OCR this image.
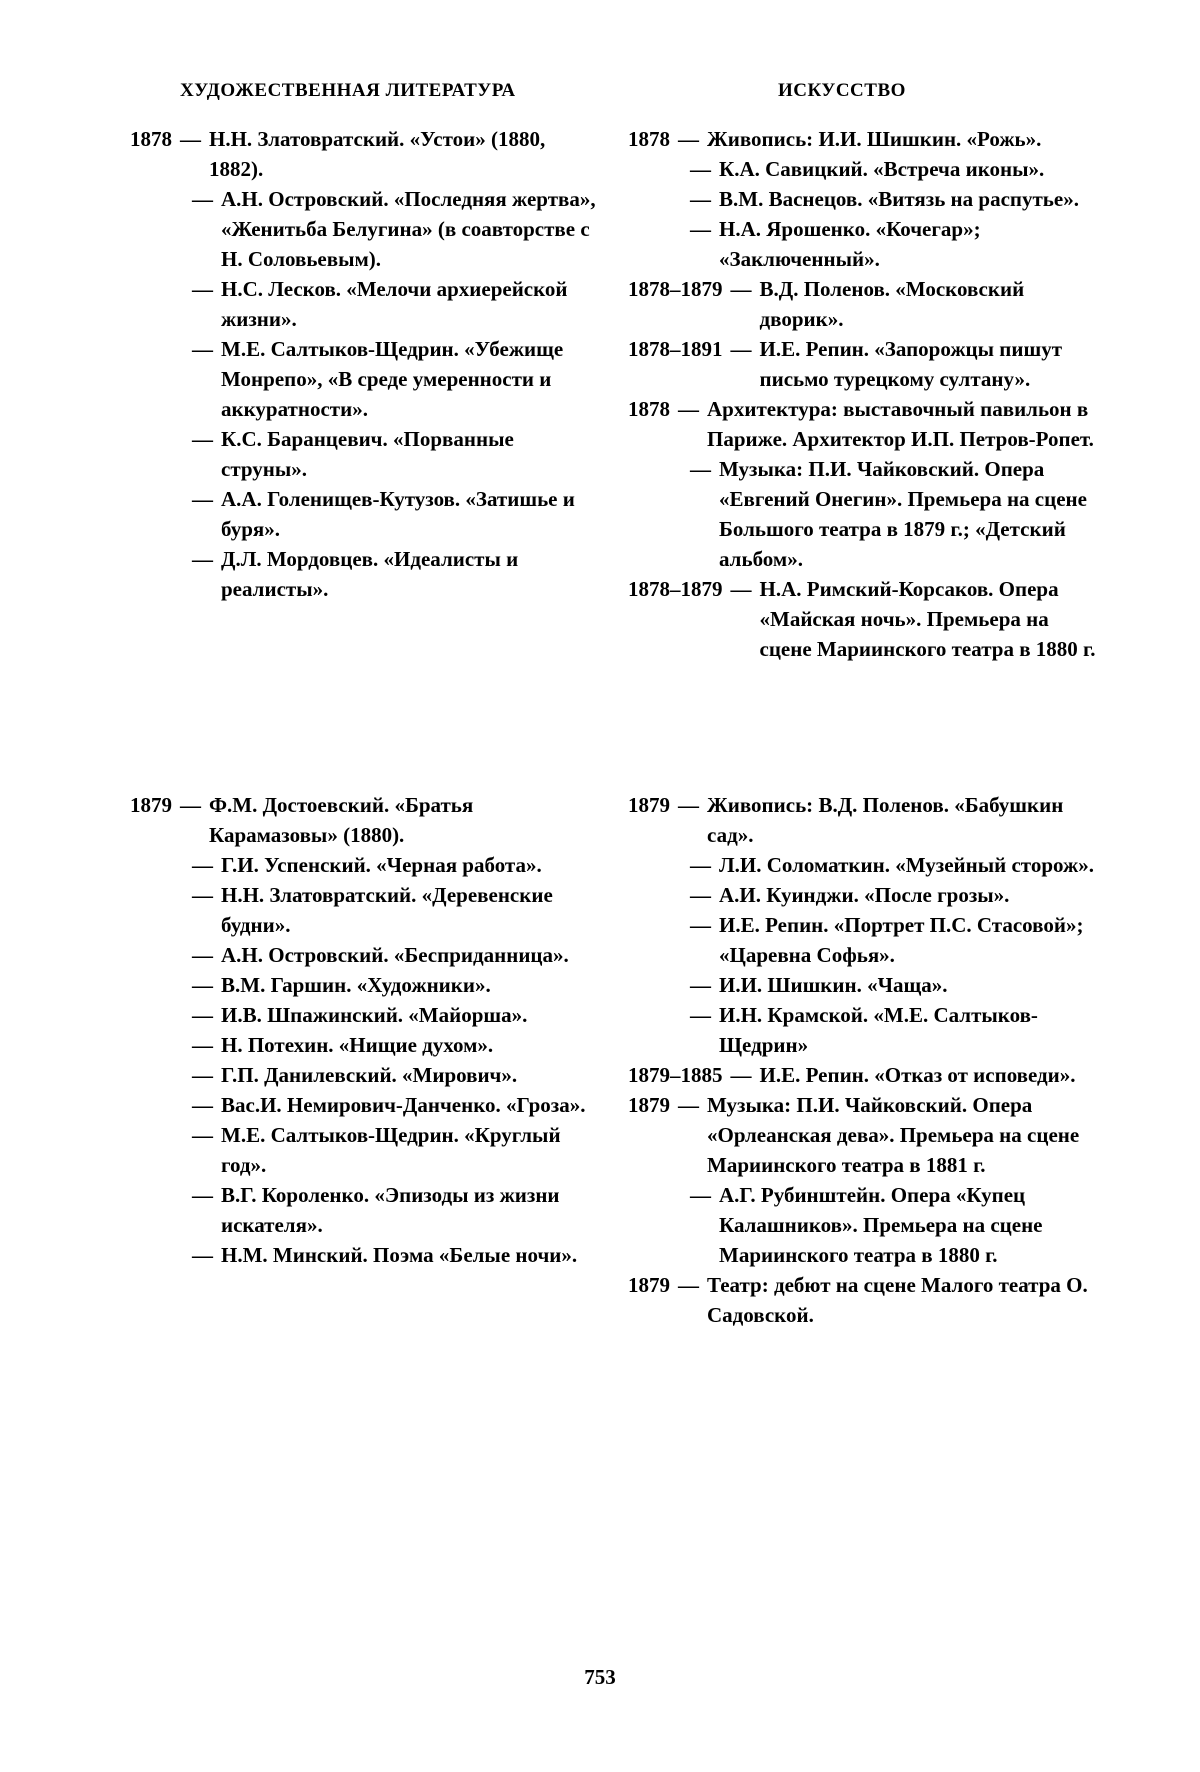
ХУДОЖЕСТВЕННАЯ ЛИТЕРАТУРА	ИСКУССТВО
1878 — Н.Н. Златовратский. «Устои» (1880, 1882).
— А.Н. Островский. «Последняя жертва», «Женитьба Белугина» (в соавторстве с Н. Соловьевым).
— Н.С. Лесков. «Мелочи архиерейской жизни».
— М.Е. Салтыков-Щедрин. «Убежище Монрепо», «В среде умеренности и аккуратности».
— К.С. Баранцевич. «Порванные струны».
— А.А. Голенищев-Кутузов. «Затишье и буря».
— Д.Л. Мордовцев. «Идеалисты и реалисты».
1879 — Ф.М. Достоевский. «Братья Карамазовы» (1880).
— Г.И. Успенский. «Черная работа».
— Н.Н. Златовратский. «Деревенские будни».
— А.Н. Островский. «Бесприданница».
— В.М. Гаршин. «Художники».
— И.В. Шпажинский. «Майорша».
— Н. Потехин. «Нищие духом».
— Г.П. Данилевский. «Мирович».
— Вас.И. Немирович-Данченко. «Гроза».
— М.Е. Салтыков-Щедрин. «Круглый год».
— В.Г. Короленко. «Эпизоды из жизни искателя».
— Н.М. Минский. Поэма «Белые ночи».
1878 — Живопись: И.И. Шишкин. «Рожь».
— К.А. Савицкий. «Встреча иконы».
— В.М. Васнецов. «Витязь на распутье».
— Н.А. Ярошенко. «Кочегар»; «Заключенный».
1878–1879 — В.Д. Поленов. «Московский дворик».
1878–1891 — И.Е. Репин. «Запорожцы пишут письмо турецкому султану».
1878 — Архитектура: выставочный павильон в Париже. Архитектор И.П. Петров-Ропет.
— Музыка: П.И. Чайковский. Опера «Евгений Онегин». Премьера на сцене Большого театра в 1879 г.; «Детский альбом».
1878–1879 — Н.А. Римский-Корсаков. Опера «Майская ночь». Премьера на сцене Мариинского театра в 1880 г.
1879 — Живопись: В.Д. Поленов. «Бабушкин сад».
— Л.И. Соломаткин. «Музейный сторож».
— А.И. Куинджи. «После грозы».
— И.Е. Репин. «Портрет П.С. Стасовой»; «Царевна Софья».
— И.И. Шишкин. «Чаща».
— И.Н. Крамской. «М.Е. Салтыков-Щедрин»
1879–1885 — И.Е. Репин. «Отказ от исповеди».
1879 — Музыка: П.И. Чайковский. Опера «Орлеанская дева». Премьера на сцене Мариинского театра в 1881 г.
— А.Г. Рубинштейн. Опера «Купец Калашников». Премьера на сцене Мариинского театра в 1880 г.
1879 — Театр: дебют на сцене Малого театра О. Садовской.
753
